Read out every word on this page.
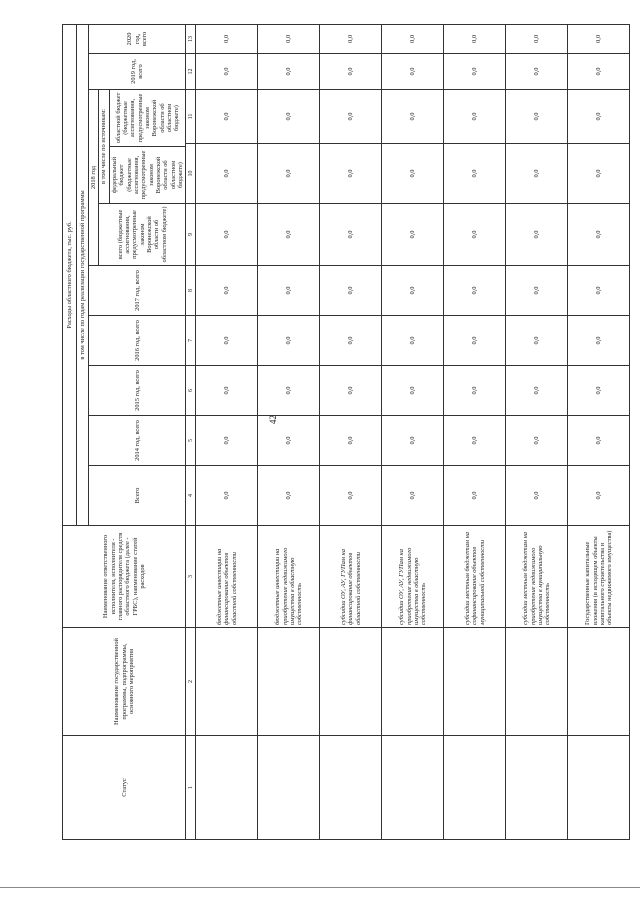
42
Статус	Наименование государственной программы, подпрограммы, основного мероприятия	Наименование ответственного исполнителя, исполнителя - главного распорядителя средств областного бюджета (далее - ГРБС), наименование статей расходов	Расходы областного бюджета, тыс. руб.
в том числе по годам реализации государственной программы
Всего	2014 год, всего	2015 год, всего	2016 год, всего	2017 год, всего	2018 год	2019 год, всего	2020 год, всего
всего (бюджетные ассигнования, предусмотренные законом Воронежской области об областном бюджете)	
в том числе по источникам:федеральный бюджет (бюджетные ассигнования, предусмотренные законом Воронежской области об областном бюджете)	областной бюджет (бюджетные ассигнования, предусмотренные законом Воронежской области об областном бюджете)

1	2	3	4	5	6	7	8	9	10	11	12	13
		бюджетные инвестиции на финансирование объектов областной собственности	0,0	0,0	0,0	0,0	0,0	0,0	0,0	0,0	0,0	0,0
		бюджетные инвестиции на приобретение недвижимого имущества в областную собственность	0,0	0,0	0,0	0,0	0,0	0,0	0,0	0,0	0,0	0,0
		субсидии ОУ, АУ, ГУПам на финансирование объектов областной собственности	0,0	0,0	0,0	0,0	0,0	0,0	0,0	0,0	0,0	0,0
		субсидии ОУ, АУ, ГУПам на приобретение недвижимого имущества в областную собственность	0,0	0,0	0,0	0,0	0,0	0,0	0,0	0,0	0,0	0,0
		субсидии местным бюджетам на софинансирование объектов муниципальной собственности	0,0	0,0	0,0	0,0	0,0	0,0	0,0	0,0	0,0	0,0
		субсидии местным бюджетам на приобретение недвижимого имущества в муниципальную собственность	0,0	0,0	0,0	0,0	0,0	0,0	0,0	0,0	0,0	0,0
		Государственные капитальные вложения (в исходящем объекты капитального строительства и объекты недвижимого имущества)	0,0	0,0	0,0	0,0	0,0	0,0	0,0	0,0	0,0	0,0
